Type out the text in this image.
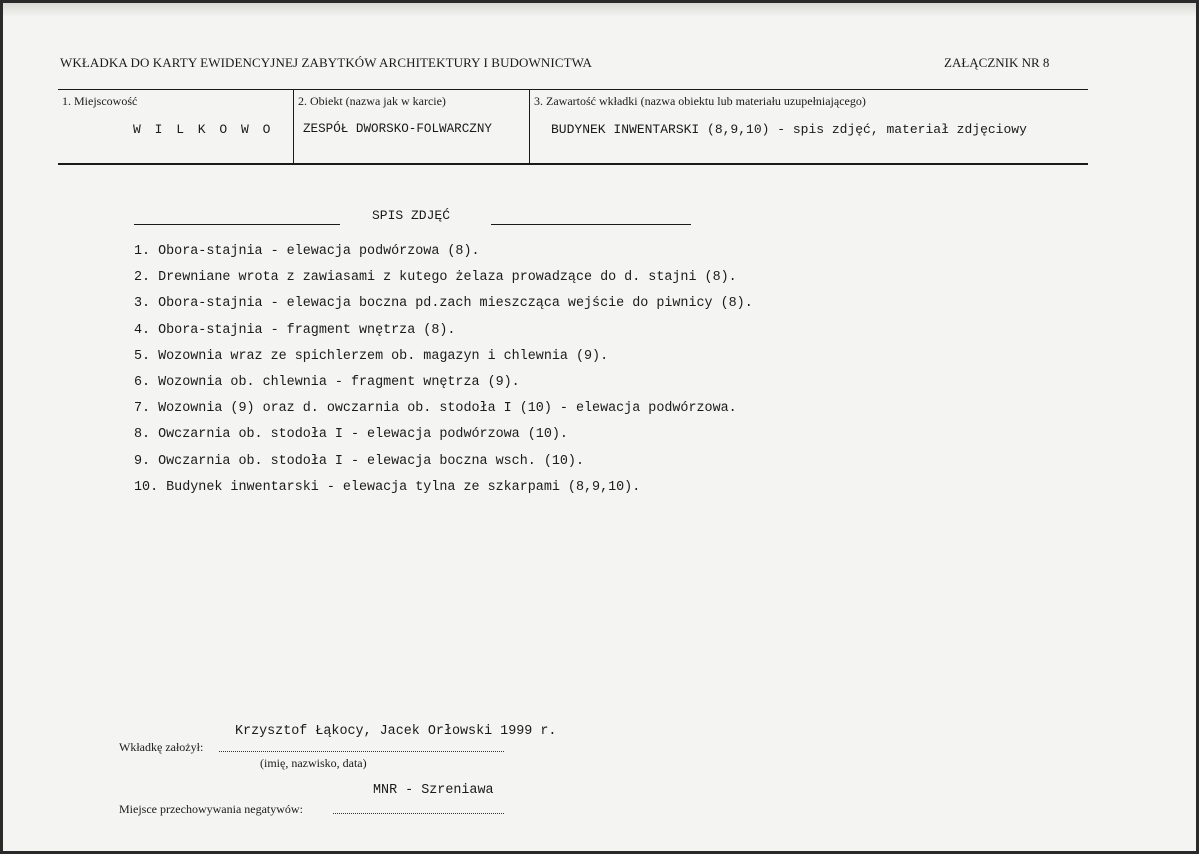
WKŁADKA DO KARTY EWIDENCYJNEJ ZABYTKÓW ARCHITEKTURY I BUDOWNICTWA	ZAŁĄCZNIK NR 8
1. Miejscowość
W I L K O W O
2. Obiekt (nazwa jak w karcie)
ZESPÓŁ DWORSKO-FOLWARCZNY
3. Zawartość wkładki (nazwa obiektu lub materiału uzupełniającego)
BUDYNEK INWENTARSKI (8,9,10) - spis zdjęć, materiał zdjęciowy
SPIS ZDJĘĆ
1. Obora-stajnia - elewacja podwórzowa (8).
2. Drewniane wrota z zawiasami z kutego żelaza prowadzące do d. stajni (8).
3. Obora-stajnia - elewacja boczna pd.zach mieszcząca wejście do piwnicy (8).
4. Obora-stajnia - fragment wnętrza (8).
5. Wozownia wraz ze spichlerzem ob. magazyn i chlewnia (9).
6. Wozownia ob. chlewnia - fragment wnętrza (9).
7. Wozownia (9) oraz d. owczarnia ob. stodoła I (10) - elewacja podwórzowa.
8. Owczarnia ob. stodoła I - elewacja podwórzowa (10).
9. Owczarnia ob. stodoła I - elewacja boczna wsch. (10).
10. Budynek inwentarski - elewacja tylna ze szkarpami (8,9,10).
Krzysztof Łąkocy, Jacek Orłowski 1999 r.
Wkładkę założył:
(imię, nazwisko, data)
MNR - Szreniawa
Miejsce przechowywania negatywów:
